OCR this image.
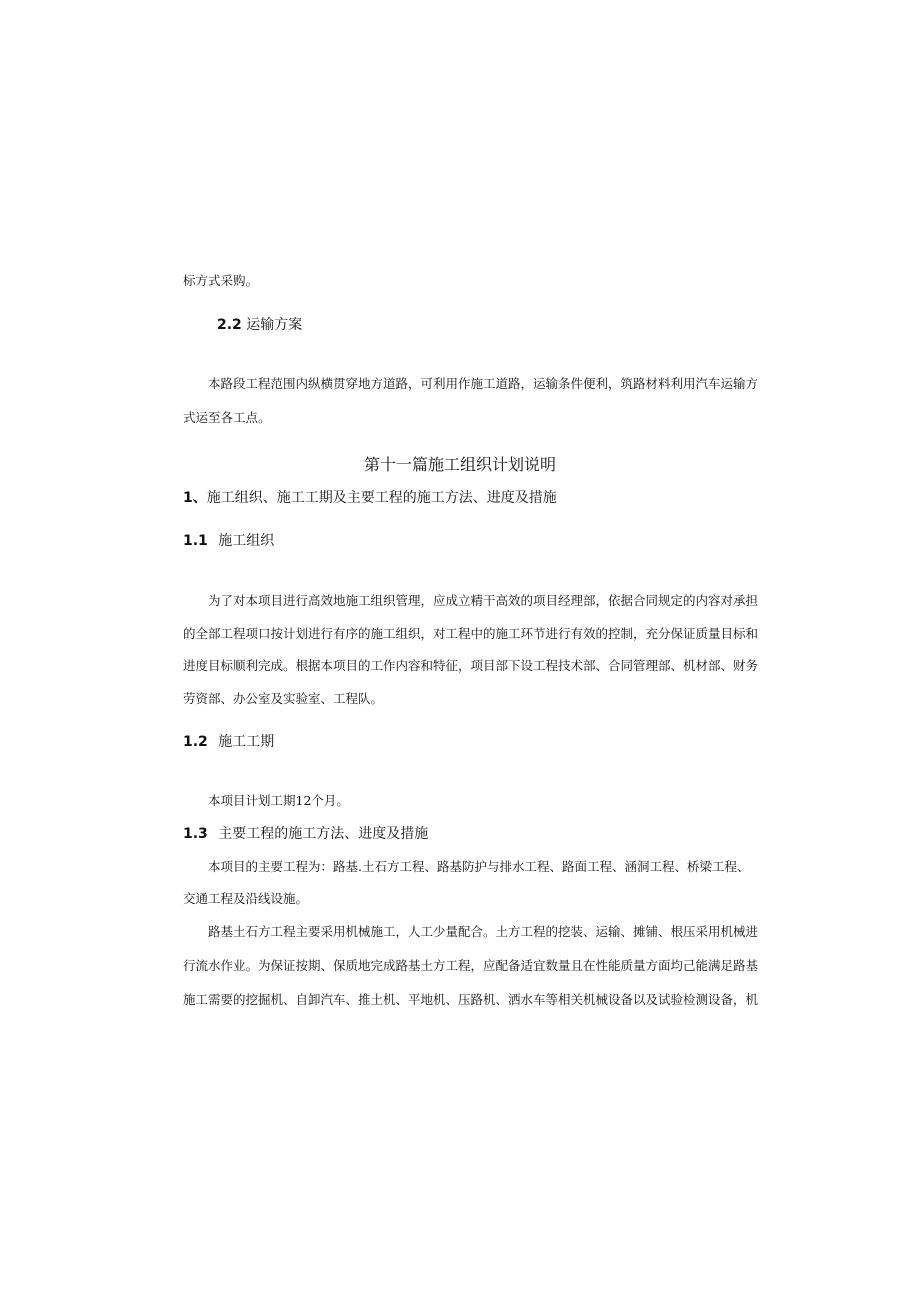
标方式采购。
2.2 运输方案
本路段工程范围内纵横贯穿地方道路，可利用作施工道路，运输条件便利，筑路材料利用汽车运输方
式运至各工点。
第十一篇施工组织计划说明
1、施工组织、施工工期及主要工程的施工方法、进度及措施
1.1 施工组织
为了对本项目进行高效地施工组织管理，应成立精干高效的项目经理部，依据合同规定的内容对承担
的全部工程项口按计划进行有序的施工组织，对工程中的施工环节进行有效的控制，充分保证质量目标和
进度目标顺利完成。根据本项目的工作内容和特征，项目部下设工程技术部、合同管理部、机材部、财务
劳资部、办公室及实验室、工程队。
1.2 施工工期
本项目计划工期12个月。
1.3 主要工程的施工方法、进度及措施
本项目的主要工程为：路基.土石方工程、路基防护与排水工程、路面工程、涵洞工程、桥梁工程、
交通工程及沿线设施。
路基土石方工程主要采用机械施工，人工少量配合。土方工程的挖装、运输、摊铺、根压采用机械进
行流水作业。为保证按期、保质地完成路基土方工程，应配备适宜数量且在性能质量方面均己能满足路基
施工需要的挖掘机、自卸汽车、推土机、平地机、压路机、洒水车等相关机械设备以及试验检测设备，机
